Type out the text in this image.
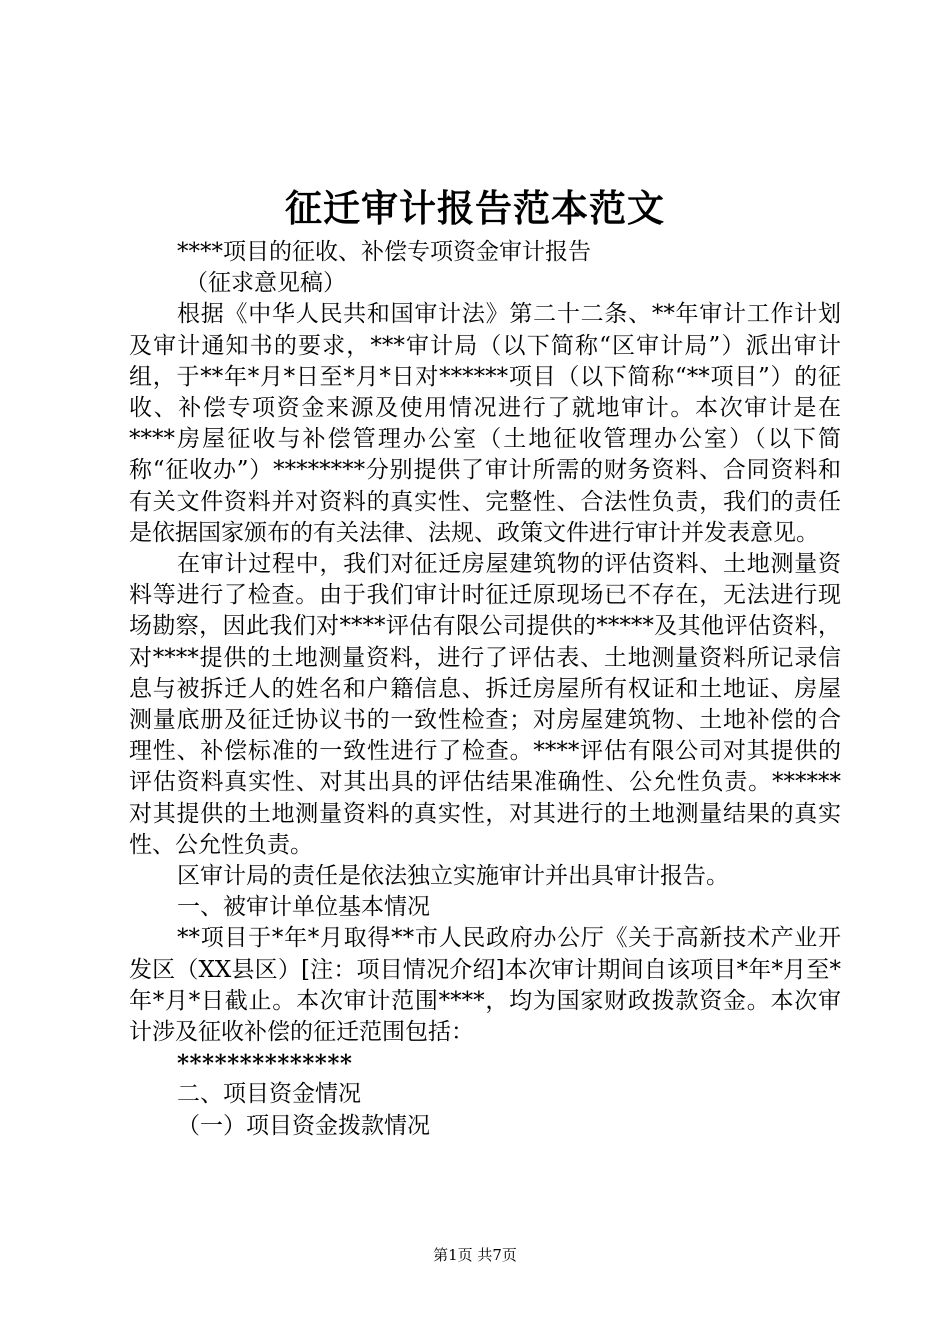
征迁审计报告范本范文

****项目的征收、补偿专项资金审计报告

（征求意见稿）

根据《中华人民共和国审计法》第二十二条、**年审计工作计划及审计通知书的要求，***审计局（以下简称“区审计局”）派出审计组，于**年*月*日至*月*日对******项目（以下简称“**项目”）的征收、补偿专项资金来源及使用情况进行了就地审计。本次审计是在****房屋征收与补偿管理办公室（土地征收管理办公室）（以下简称“征收办”）********分别提供了审计所需的财务资料、合同资料和有关文件资料并对资料的真实性、完整性、合法性负责，我们的责任是依据国家颁布的有关法律、法规、政策文件进行审计并发表意见。

在审计过程中，我们对征迁房屋建筑物的评估资料、土地测量资料等进行了检查。由于我们审计时征迁原现场已不存在，无法进行现场勘察，因此我们对****评估有限公司提供的*****及其他评估资料，对****提供的土地测量资料，进行了评估表、土地测量资料所记录信息与被拆迁人的姓名和户籍信息、拆迁房屋所有权证和土地证、房屋测量底册及征迁协议书的一致性检查；对房屋建筑物、土地补偿的合理性、补偿标准的一致性进行了检查。****评估有限公司对其提供的评估资料真实性、对其出具的评估结果准确性、公允性负责。******对其提供的土地测量资料的真实性，对其进行的土地测量结果的真实性、公允性负责。

区审计局的责任是依法独立实施审计并出具审计报告。

一、被审计单位基本情况

**项目于*年*月取得**市人民政府办公厅《关于高新技术产业开发区（XX县区）[注：项目情况介绍]本次审计期间自该项目*年*月至*年*月*日截止。本次审计范围****，均为国家财政拨款资金。本次审计涉及征收补偿的征迁范围包括：

**************

二、项目资金情况

（一）项目资金拨款情况

第1页 共7页
